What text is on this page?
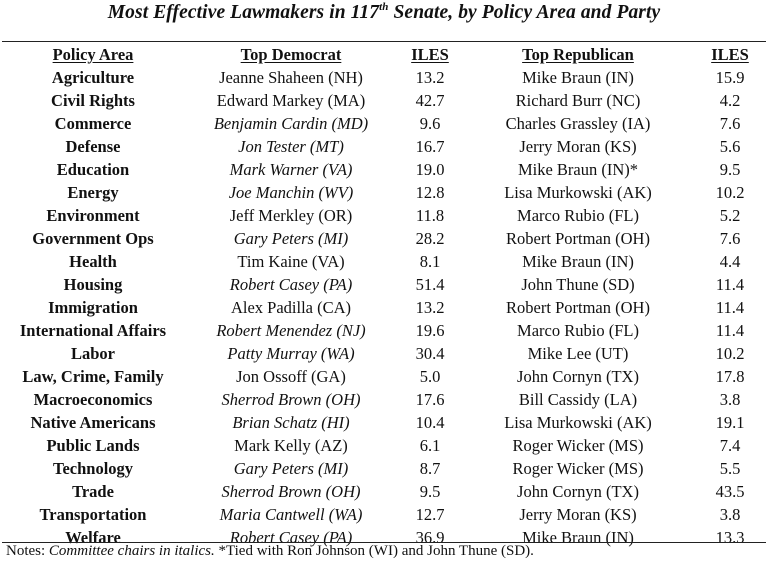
Most Effective Lawmakers in 117th Senate, by Policy Area and Party
Policy Area	Top Democrat	ILES	Top Republican	ILES
Agriculture	Jeanne Shaheen (NH)	13.2	Mike Braun (IN)	15.9
Civil Rights	Edward Markey (MA)	42.7	Richard Burr (NC)	4.2
Commerce	Benjamin Cardin (MD)	9.6	Charles Grassley (IA)	7.6
Defense	Jon Tester (MT)	16.7	Jerry Moran (KS)	5.6
Education	Mark Warner (VA)	19.0	Mike Braun (IN)*	9.5
Energy	Joe Manchin (WV)	12.8	Lisa Murkowski (AK)	10.2
Environment	Jeff Merkley (OR)	11.8	Marco Rubio (FL)	5.2
Government Ops	Gary Peters (MI)	28.2	Robert Portman (OH)	7.6
Health	Tim Kaine (VA)	8.1	Mike Braun (IN)	4.4
Housing	Robert Casey (PA)	51.4	John Thune (SD)	11.4
Immigration	Alex Padilla (CA)	13.2	Robert Portman (OH)	11.4
International Affairs	Robert Menendez (NJ)	19.6	Marco Rubio (FL)	11.4
Labor	Patty Murray (WA)	30.4	Mike Lee (UT)	10.2
Law, Crime, Family	Jon Ossoff (GA)	5.0	John Cornyn (TX)	17.8
Macroeconomics	Sherrod Brown (OH)	17.6	Bill Cassidy (LA)	3.8
Native Americans	Brian Schatz (HI)	10.4	Lisa Murkowski (AK)	19.1
Public Lands	Mark Kelly (AZ)	6.1	Roger Wicker (MS)	7.4
Technology	Gary Peters (MI)	8.7	Roger Wicker (MS)	5.5
Trade	Sherrod Brown (OH)	9.5	John Cornyn (TX)	43.5
Transportation	Maria Cantwell (WA)	12.7	Jerry Moran (KS)	3.8
Welfare	Robert Casey (PA)	36.9	Mike Braun (IN)	13.3
Notes: Committee chairs in italics. *Tied with Ron Johnson (WI) and John Thune (SD).
